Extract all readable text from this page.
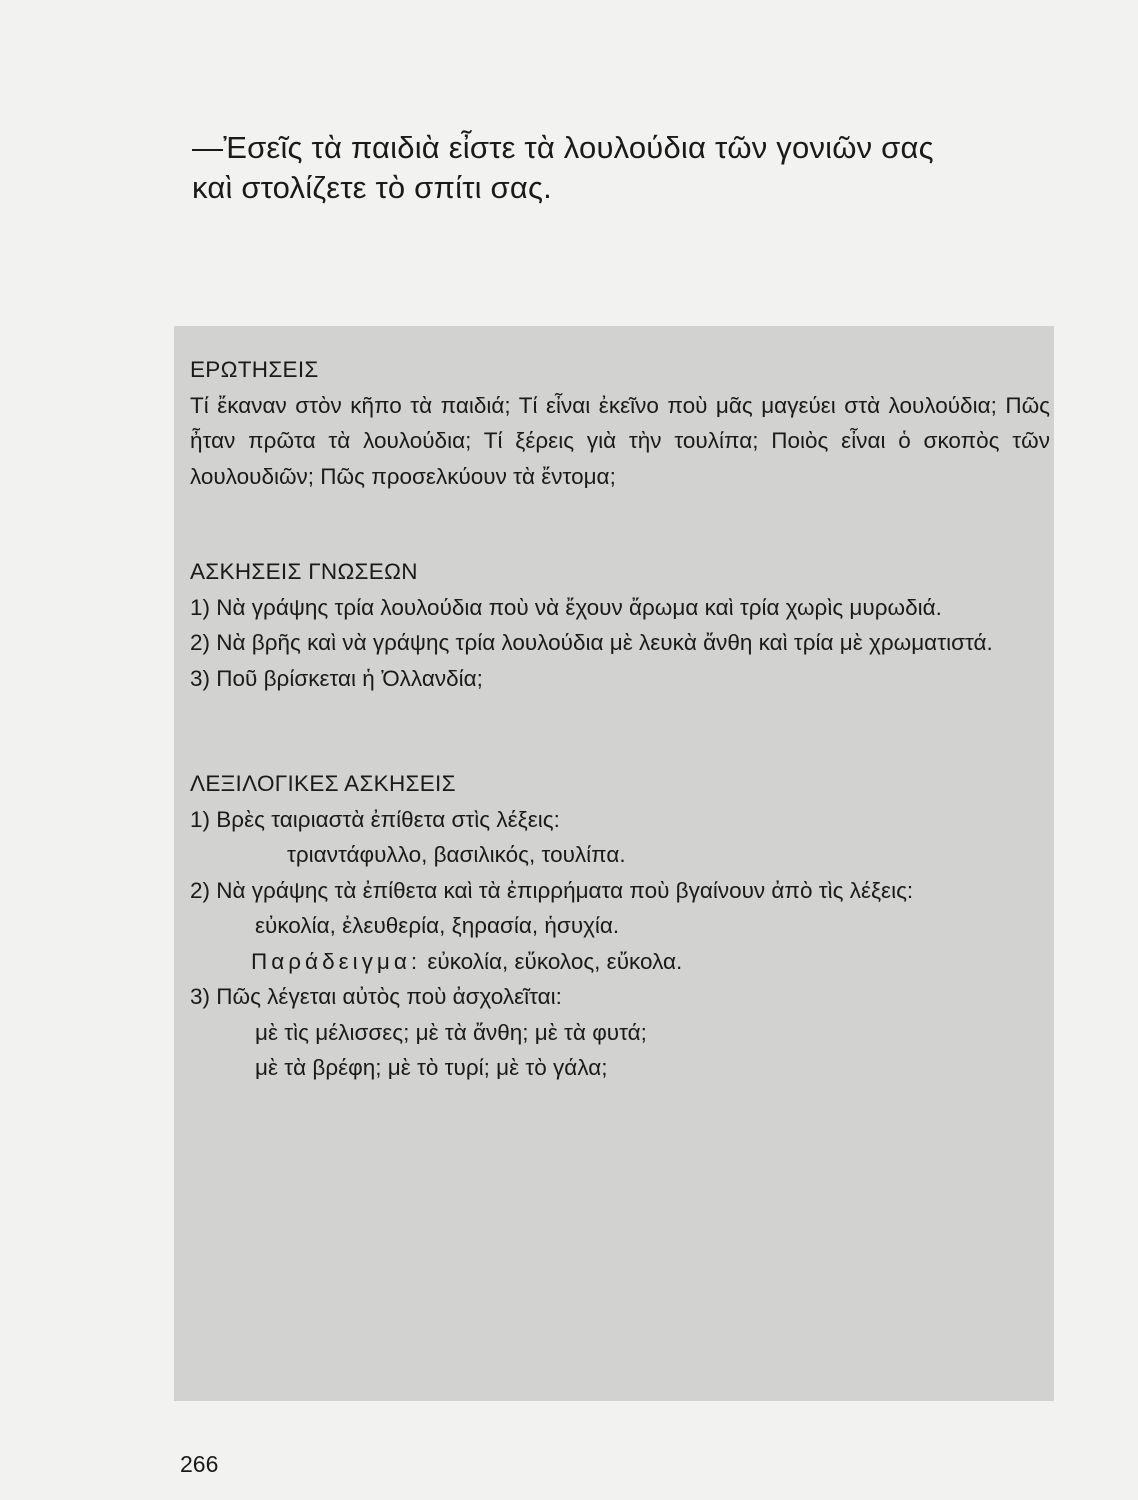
—Ἐσεῖς τὰ παιδιὰ εἶστε τὰ λουλούδια τῶν γονιῶν σας

καὶ στολίζετε τὸ σπίτι σας.

ΕΡΩΤΗΣΕΙΣ

Τί ἔκαναν στὸν κῆπο τὰ παιδιά; Τί εἶναι ἐκεῖνο ποὺ μᾶς μαγεύει στὰ λουλούδια; Πῶς ἦταν πρῶτα τὰ λουλούδια; Τί ξέρεις γιὰ τὴν τουλίπα; Ποιὸς εἶναι ὁ σκοπὸς τῶν λουλουδιῶν; Πῶς προσελκύουν τὰ ἔντομα;

ΑΣΚΗΣΕΙΣ ΓΝΩΣΕΩΝ
1) Νὰ γράψης τρία λουλούδια ποὺ νὰ ἔχουν ἄρωμα καὶ τρία χωρὶς μυρωδιά.
2) Νὰ βρῆς καὶ νὰ γράψης τρία λουλούδια μὲ λευκὰ ἄνθη καὶ τρία μὲ χρωματιστά.
3) Ποῦ βρίσκεται ἡ Ὀλλανδία;
ΛΕΞΙΛΟΓΙΚΕΣ ΑΣΚΗΣΕΙΣ
1) Βρὲς ταιριαστὰ ἐπίθετα στὶς λέξεις:
τριαντάφυλλο, βασιλικός, τουλίπα.
2) Νὰ γράψης τὰ ἐπίθετα καὶ τὰ ἐπιρρήματα ποὺ βγαίνουν ἀπὸ τὶς λέξεις:
εὐκολία, ἐλευθερία, ξηρασία, ἡσυχία.
Παράδειγμα: εὐκολία, εὔκολος, εὔκολα.
3) Πῶς λέγεται αὐτὸς ποὺ ἀσχολεῖται:
μὲ τὶς μέλισσες; μὲ τὰ ἄνθη; μὲ τὰ φυτά;
μὲ τὰ βρέφη; μὲ τὸ τυρί; μὲ τὸ γάλα;
266
